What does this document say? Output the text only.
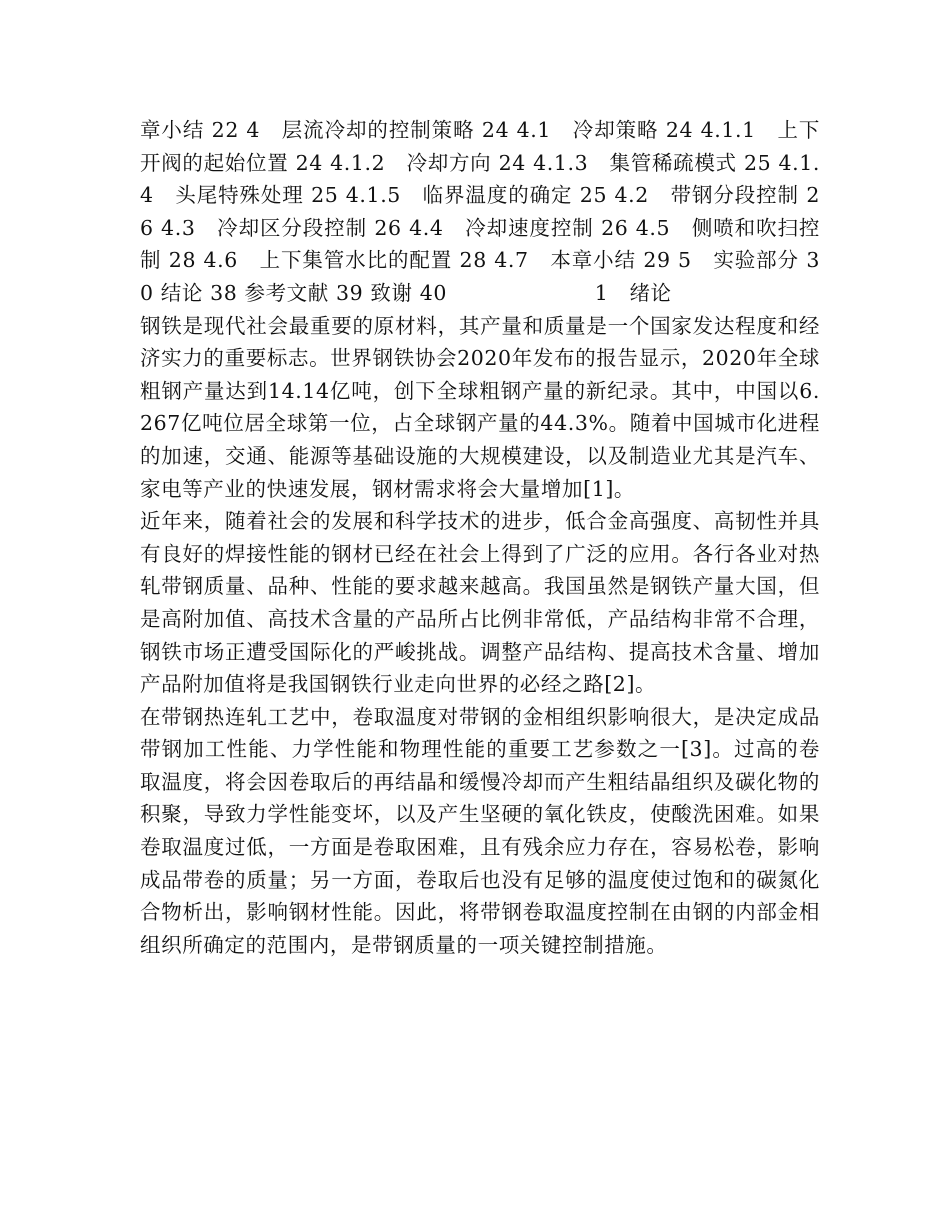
章小结 22 4　层流冷却的控制策略 24 4.1　冷却策略 24 4.1.1　上下开阀的起始位置 24 4.1.2　冷却方向 24 4.1.3　集管稀疏模式 25 4.1.4　头尾特殊处理 25 4.1.5　临界温度的确定 25 4.2　带钢分段控制 26 4.3　冷却区分段控制 26 4.4　冷却速度控制 26 4.5　侧喷和吹扫控制 28 4.6　上下集管水比的配置 28 4.7　本章小结 29 5　实验部分 30 结论 38 参考文献 39 致谢 40　　　　　　　1　绪论

钢铁是现代社会最重要的原材料，其产量和质量是一个国家发达程度和经济实力的重要标志。世界钢铁协会2020年发布的报告显示，2020年全球粗钢产量达到14.14亿吨，创下全球粗钢产量的新纪录。其中，中国以6.267亿吨位居全球第一位，占全球钢产量的44.3%。随着中国城市化进程的加速，交通、能源等基础设施的大规模建设，以及制造业尤其是汽车、家电等产业的快速发展，钢材需求将会大量增加[1]。

近年来，随着社会的发展和科学技术的进步，低合金高强度、高韧性并具有良好的焊接性能的钢材已经在社会上得到了广泛的应用。各行各业对热轧带钢质量、品种、性能的要求越来越高。我国虽然是钢铁产量大国，但是高附加值、高技术含量的产品所占比例非常低，产品结构非常不合理，钢铁市场正遭受国际化的严峻挑战。调整产品结构、提高技术含量、增加产品附加值将是我国钢铁行业走向世界的必经之路[2]。

在带钢热连轧工艺中，卷取温度对带钢的金相组织影响很大，是决定成品带钢加工性能、力学性能和物理性能的重要工艺参数之一[3]。过高的卷取温度，将会因卷取后的再结晶和缓慢冷却而产生粗结晶组织及碳化物的积聚，导致力学性能变坏，以及产生坚硬的氧化铁皮，使酸洗困难。如果卷取温度过低，一方面是卷取困难，且有残余应力存在，容易松卷，影响成品带卷的质量；另一方面，卷取后也没有足够的温度使过饱和的碳氮化合物析出，影响钢材性能。因此，将带钢卷取温度控制在由钢的内部金相组织所确定的范围内，是带钢质量的一项关键控制措施。
